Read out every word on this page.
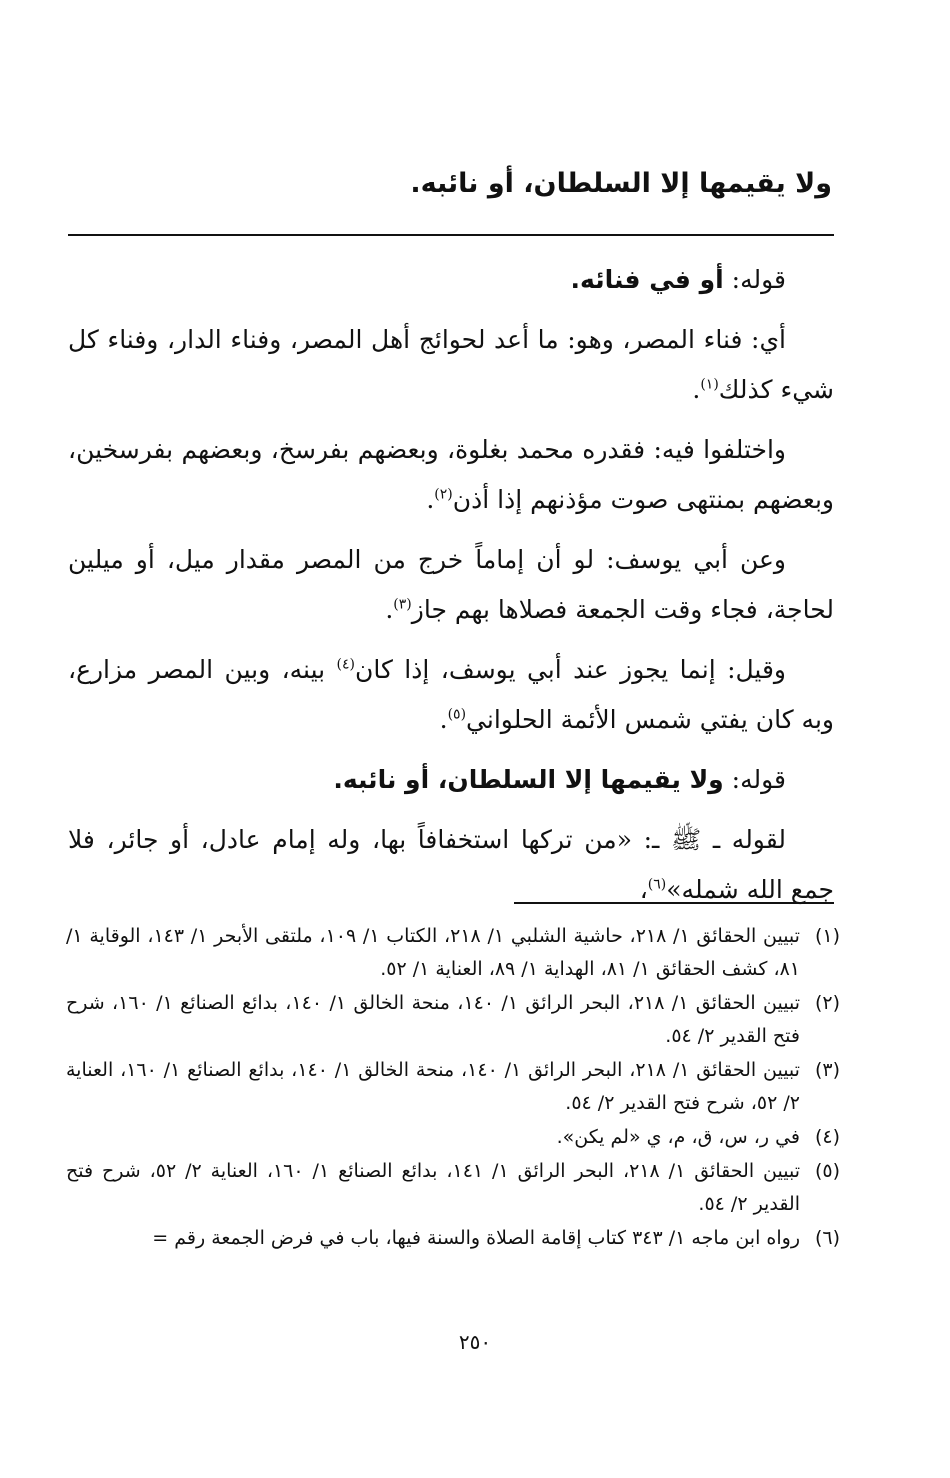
ولا يقيمها إلا السلطان، أو نائبه.

قوله: أو في فنائه.

أي: فناء المصر، وهو: ما أعد لحوائج أهل المصر، وفناء الدار، وفناء كل شيء كذلك$^{(١)}$.

واختلفوا فيه: فقدره محمد بغلوة، وبعضهم بفرسخ، وبعضهم بفرسخين، وبعضهم بمنتهى صوت مؤذنهم إذا أذن$^{(٢)}$.

وعن أبي يوسف: لو أن إماماً خرج من المصر مقدار ميل، أو ميلين لحاجة، فجاء وقت الجمعة فصلاها بهم جاز$^{(٣)}$.

وقيل: إنما يجوز عند أبي يوسف، إذا كان$^{(٤)}$ بينه، وبين المصر مزارع، وبه كان يفتي شمس الأئمة الحلواني$^{(٥)}$.

قوله: ولا يقيمها إلا السلطان، أو نائبه.

لقوله ـ ﷺ ـ: «من تركها استخفافاً بها، وله إمام عادل، أو جائر، فلا جمع الله شمله»$^{(٦)}$،

(١)
تبيين الحقائق ١/ ٢١٨، حاشية الشلبي ١/ ٢١٨، الكتاب ١/ ١٠٩، ملتقى الأبحر ١/ ١٤٣، الوقاية ١/ ٨١، كشف الحقائق ١/ ٨١، الهداية ١/ ٨٩، العناية ١/ ٥٢.
(٢)
تبيين الحقائق ١/ ٢١٨، البحر الرائق ١/ ١٤٠، منحة الخالق ١/ ١٤٠، بدائع الصنائع ١/ ١٦٠، شرح فتح القدير ٢/ ٥٤.
(٣)
تبيين الحقائق ١/ ٢١٨، البحر الرائق ١/ ١٤٠، منحة الخالق ١/ ١٤٠، بدائع الصنائع ١/ ١٦٠، العناية ٢/ ٥٢، شرح فتح القدير ٢/ ٥٤.
(٤)
في ر، س، ق، م، ي «لم يكن».
(٥)
تبيين الحقائق ١/ ٢١٨، البحر الرائق ١/ ١٤١، بدائع الصنائع ١/ ١٦٠، العناية ٢/ ٥٢، شرح فتح القدير ٢/ ٥٤.
(٦)
رواه ابن ماجه ١/ ٣٤٣ كتاب إقامة الصلاة والسنة فيها، باب في فرض الجمعة رقم =
٢٥٠
